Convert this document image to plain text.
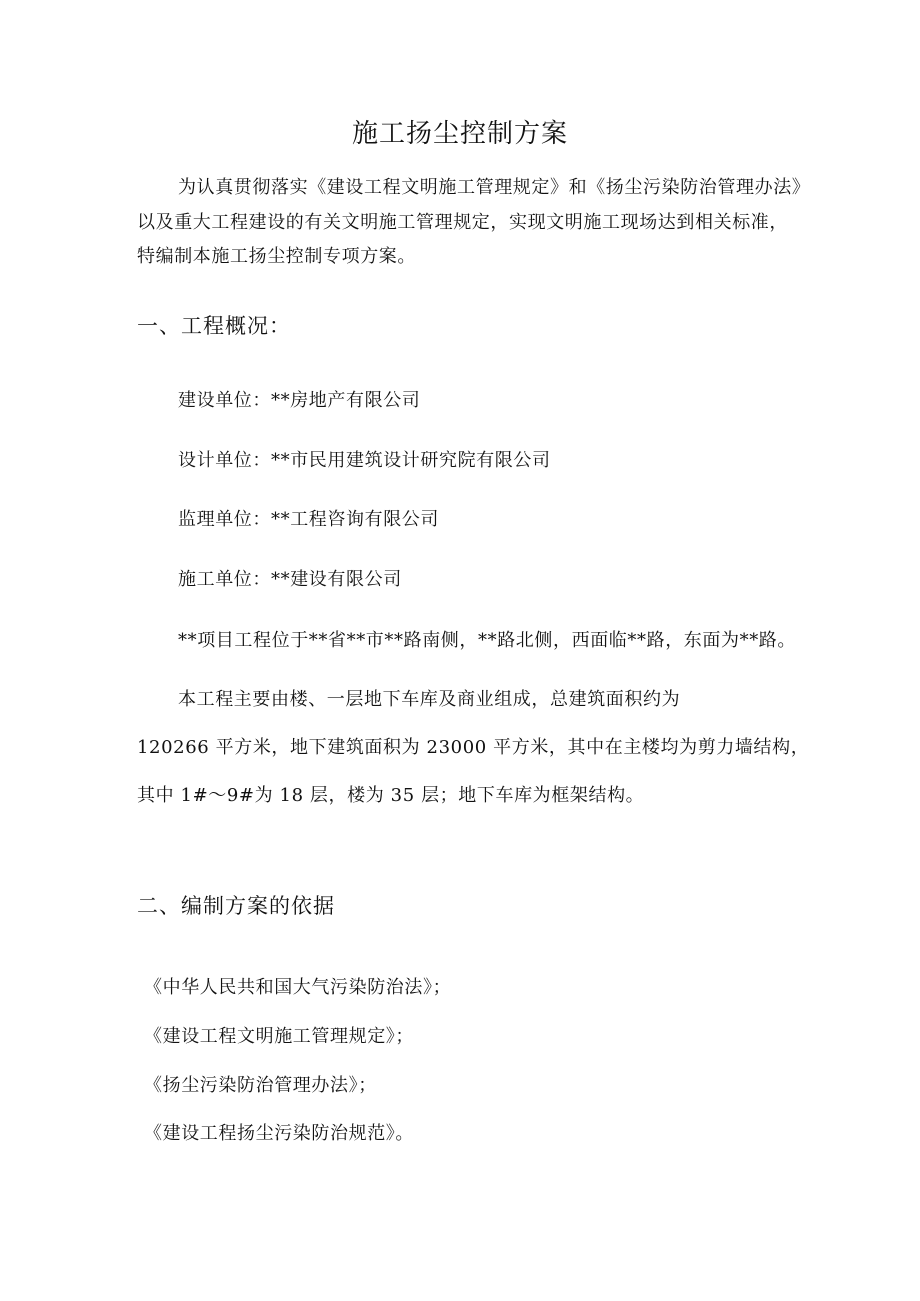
施工扬尘控制方案
为认真贯彻落实《建设工程文明施工管理规定》和《扬尘污染防治管理办法》
以及重大工程建设的有关文明施工管理规定，实现文明施工现场达到相关标准，
特编制本施工扬尘控制专项方案。
一、工程概况：
建设单位：**房地产有限公司
设计单位：**市民用建筑设计研究院有限公司
监理单位：**工程咨询有限公司
施工单位：**建设有限公司
**项目工程位于**省**市**路南侧，**路北侧，西面临**路，东面为**路。
本工程主要由楼、一层地下车库及商业组成，总建筑面积约为
120266 平方米，地下建筑面积为 23000 平方米，其中在主楼均为剪力墙结构，
其中 1#～9#为 18 层，楼为 35 层；地下车库为框架结构。
二、编制方案的依据
《中华人民共和国大气污染防治法》；
《建设工程文明施工管理规定》；
《扬尘污染防治管理办法》；
《建设工程扬尘污染防治规范》。
